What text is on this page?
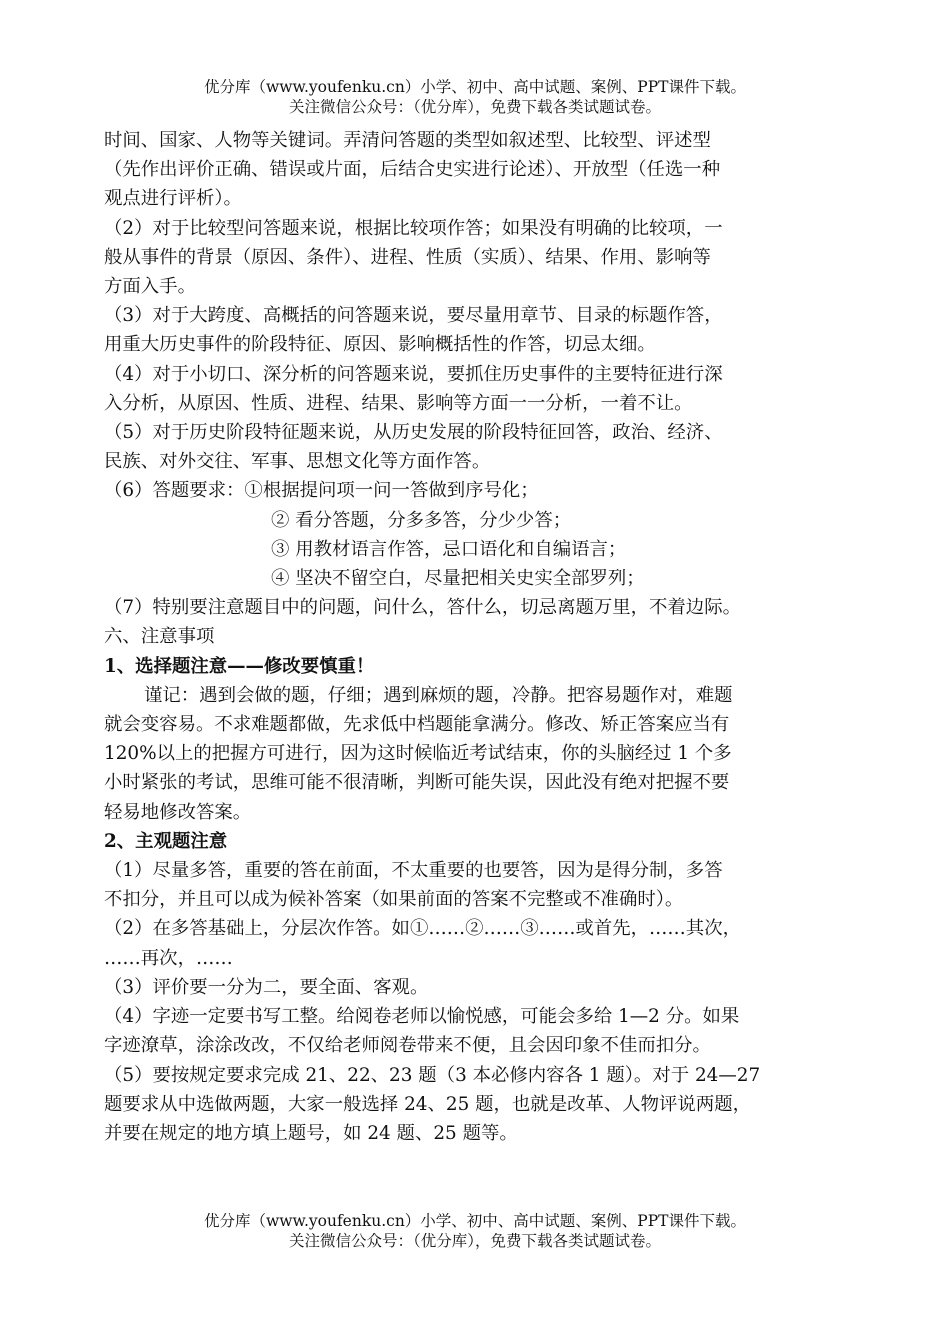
优分库（www.youfenku.cn）小学、初中、高中试题、案例、PPT课件下载。
关注微信公众号：（优分库），免费下载各类试题试卷。

时间、国家、人物等关键词。弄清问答题的类型如叙述型、比较型、评述型

（先作出评价正确、错误或片面，后结合史实进行论述）、开放型（任选一种

观点进行评析）。

（2）对于比较型问答题来说，根据比较项作答；如果没有明确的比较项，一

般从事件的背景（原因、条件）、进程、性质（实质）、结果、作用、影响等

方面入手。

（3）对于大跨度、高概括的问答题来说，要尽量用章节、目录的标题作答，

用重大历史事件的阶段特征、原因、影响概括性的作答，切忌太细。

（4）对于小切口、深分析的问答题来说，要抓住历史事件的主要特征进行深

入分析，从原因、性质、进程、结果、影响等方面一一分析，一着不让。

（5）对于历史阶段特征题来说，从历史发展的阶段特征回答，政治、经济、

民族、对外交往、军事、思想文化等方面作答。

（6）答题要求：①根据提问项一问一答做到序号化；

② 看分答题，分多多答，分少少答；

③ 用教材语言作答，忌口语化和自编语言；

④ 坚决不留空白，尽量把相关史实全部罗列；

（7）特别要注意题目中的问题，问什么，答什么，切忌离题万里，不着边际。

六、注意事项

1、选择题注意——修改要慎重！

谨记：遇到会做的题，仔细；遇到麻烦的题，冷静。把容易题作对，难题

就会变容易。不求难题都做，先求低中档题能拿满分。修改、矫正答案应当有

120%以上的把握方可进行，因为这时候临近考试结束，你的头脑经过 1 个多

小时紧张的考试，思维可能不很清晰，判断可能失误，因此没有绝对把握不要

轻易地修改答案。

2、主观题注意

（1）尽量多答，重要的答在前面，不太重要的也要答，因为是得分制，多答

不扣分，并且可以成为候补答案（如果前面的答案不完整或不准确时）。

（2）在多答基础上，分层次作答。如①……②……③……或首先，……其次，

……再次，……

（3）评价要一分为二，要全面、客观。

（4）字迹一定要书写工整。给阅卷老师以愉悦感，可能会多给 1—2 分。如果

字迹潦草，涂涂改改，不仅给老师阅卷带来不便，且会因印象不佳而扣分。

（5）要按规定要求完成 21、22、23 题（3 本必修内容各 1 题）。对于 24—27

题要求从中选做两题，大家一般选择 24、25 题，也就是改革、人物评说两题，

并要在规定的地方填上题号，如 24 题、25 题等。

优分库（www.youfenku.cn）小学、初中、高中试题、案例、PPT课件下载。
关注微信公众号：（优分库），免费下载各类试题试卷。
